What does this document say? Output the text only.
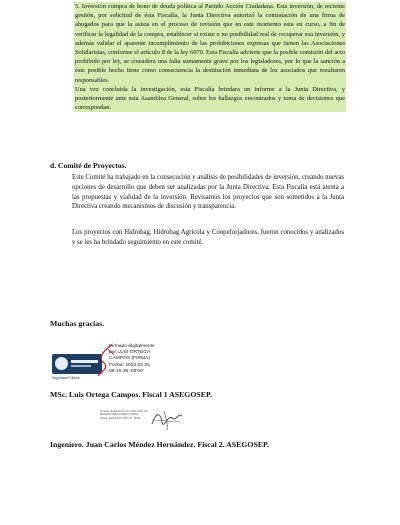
5. Inversión compra de bono de deuda política al Partido Acción Ciudadana. Esta inversión, de reciente gestión, por solicitud de ésta Fiscalía, la Junta Directiva autorizó la contratación de una firma de abogados para que la asista en el proceso de revisión que en este momento esta en curso, a fin de verificar la legalidad de la compra, establecer si existe o no posibilidad real de recuperar esa inversión, y además validar el aparente incumplimiento de las prohibiciones expresas que tienen las Asociaciones Solidaristas, conforme el artículo 8 de la ley 6970. Esta Fiscalía advierte que la posible comisión del acto prohibido por ley, se considera una falta sumamente grave por los legisladores, por lo que la sanción a éste posible hecho tiene como consecuencia la destitución inmediata de los asociados que resultaren responsables.

Una vez concluida la investigación, esta Fiscalía brindara un informe a la Junta Directiva, y posteriormente ante esta Asamblea General, sobre los hallazgos encontrados y toma de decisiones que correspondan.

d. Comité de Proyectos.

Este Comité ha trabajado en la consecución y análisis de posibilidades de inversión, creando nuevas opciones de desarrollo que deben ser analizadas por la Junta Directiva. Esta Fiscalía está atenta a las propuestas y vialidad de la inversión. Revisamos los proyectos que son sometidos a la Junta Directiva creando mecanismos de discusión y transparencia.

Los proyectos con Hidrobag, Hidrobag Agrícola y Coopeforjadores, fueron conocidos y analizados y se les ha brindado seguimiento en este comité.

Muchas gracias.
Seguridad Pública
Firmado digitalmente
por LUIS ORTEGA
CAMPOS (FIRMA)
Fecha: 2022.02.25
09:15:38 -06'00'
MSc. Luis Ortega Campos. Fiscal 1 ASEGOSEP.
Firmado digitalmente por JUAN CARLOS
MENDEZ HERNANDEZ (FIRMA)
Fecha: 2022.02.25 09:11:47 -06'00'
Ingeniero. Juan Carlos Méndez Hernández. Fiscal 2. ASEGOSEP.
